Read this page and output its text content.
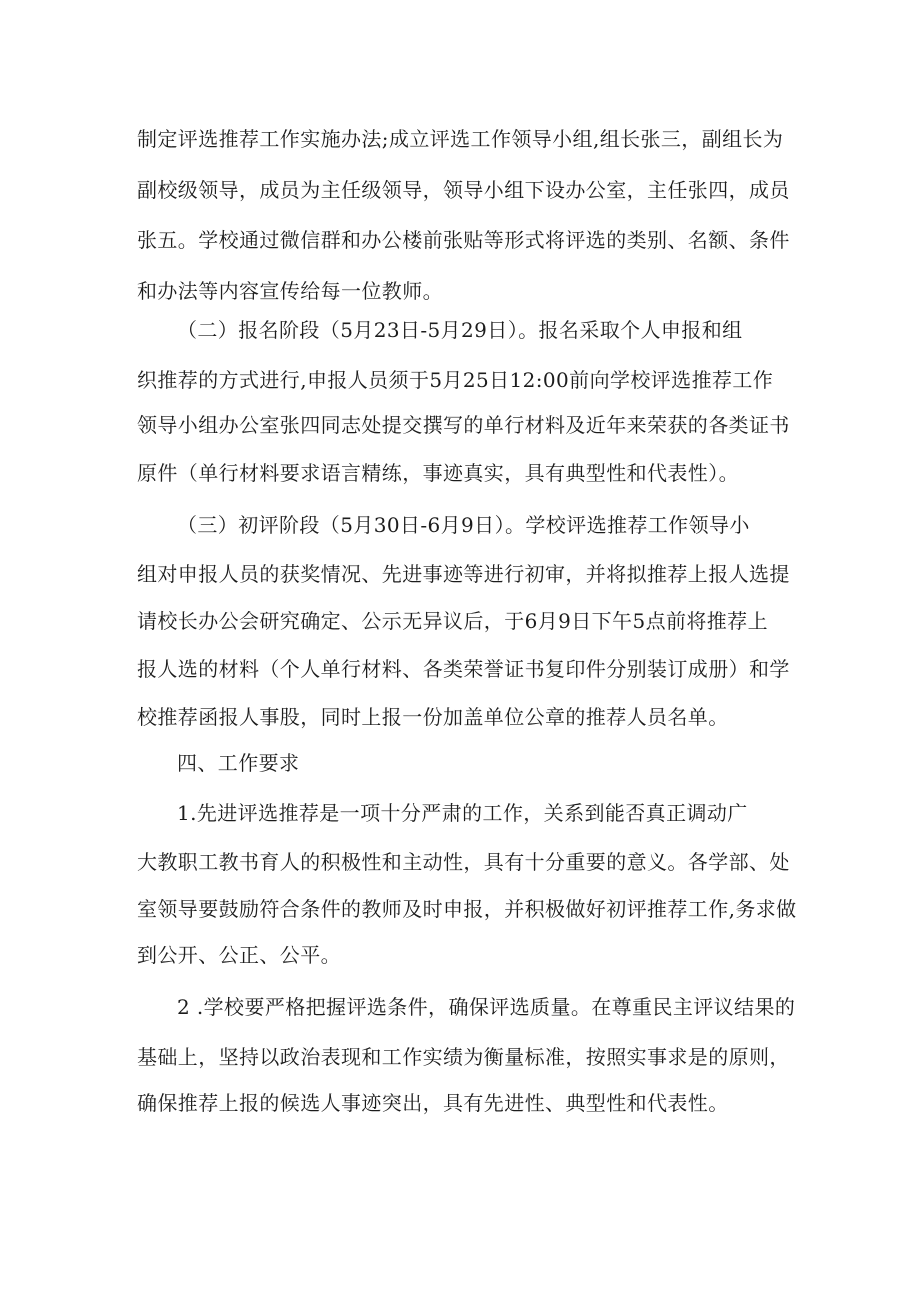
制定评选推荐工作实施办法;成立评选工作领导小组,组长张三，副组长为

副校级领导，成员为主任级领导，领导小组下设办公室，主任张四，成员

张五。学校通过微信群和办公楼前张贴等形式将评选的类别、名额、条件

和办法等内容宣传给每一位教师。

（二）报名阶段（5月23日-5月29日）。报名采取个人申报和组

织推荐的方式进行,申报人员须于5月25日12:00前向学校评选推荐工作

领导小组办公室张四同志处提交撰写的单行材料及近年来荣获的各类证书

原件（单行材料要求语言精练，事迹真实，具有典型性和代表性）。

（三）初评阶段（5月30日-6月9日）。学校评选推荐工作领导小

组对申报人员的获奖情况、先进事迹等进行初审，并将拟推荐上报人选提

请校长办公会研究确定、公示无异议后，于6月9日下午5点前将推荐上

报人选的材料（个人单行材料、各类荣誉证书复印件分别装订成册）和学

校推荐函报人事股，同时上报一份加盖单位公章的推荐人员名单。

四、工作要求

1.先进评选推荐是一项十分严肃的工作，关系到能否真正调动广

大教职工教书育人的积极性和主动性，具有十分重要的意义。各学部、处

室领导要鼓励符合条件的教师及时申报，并积极做好初评推荐工作,务求做

到公开、公正、公平。

2 .学校要严格把握评选条件，确保评选质量。在尊重民主评议结果的

基础上，坚持以政治表现和工作实绩为衡量标准，按照实事求是的原则，

确保推荐上报的候选人事迹突出，具有先进性、典型性和代表性。
